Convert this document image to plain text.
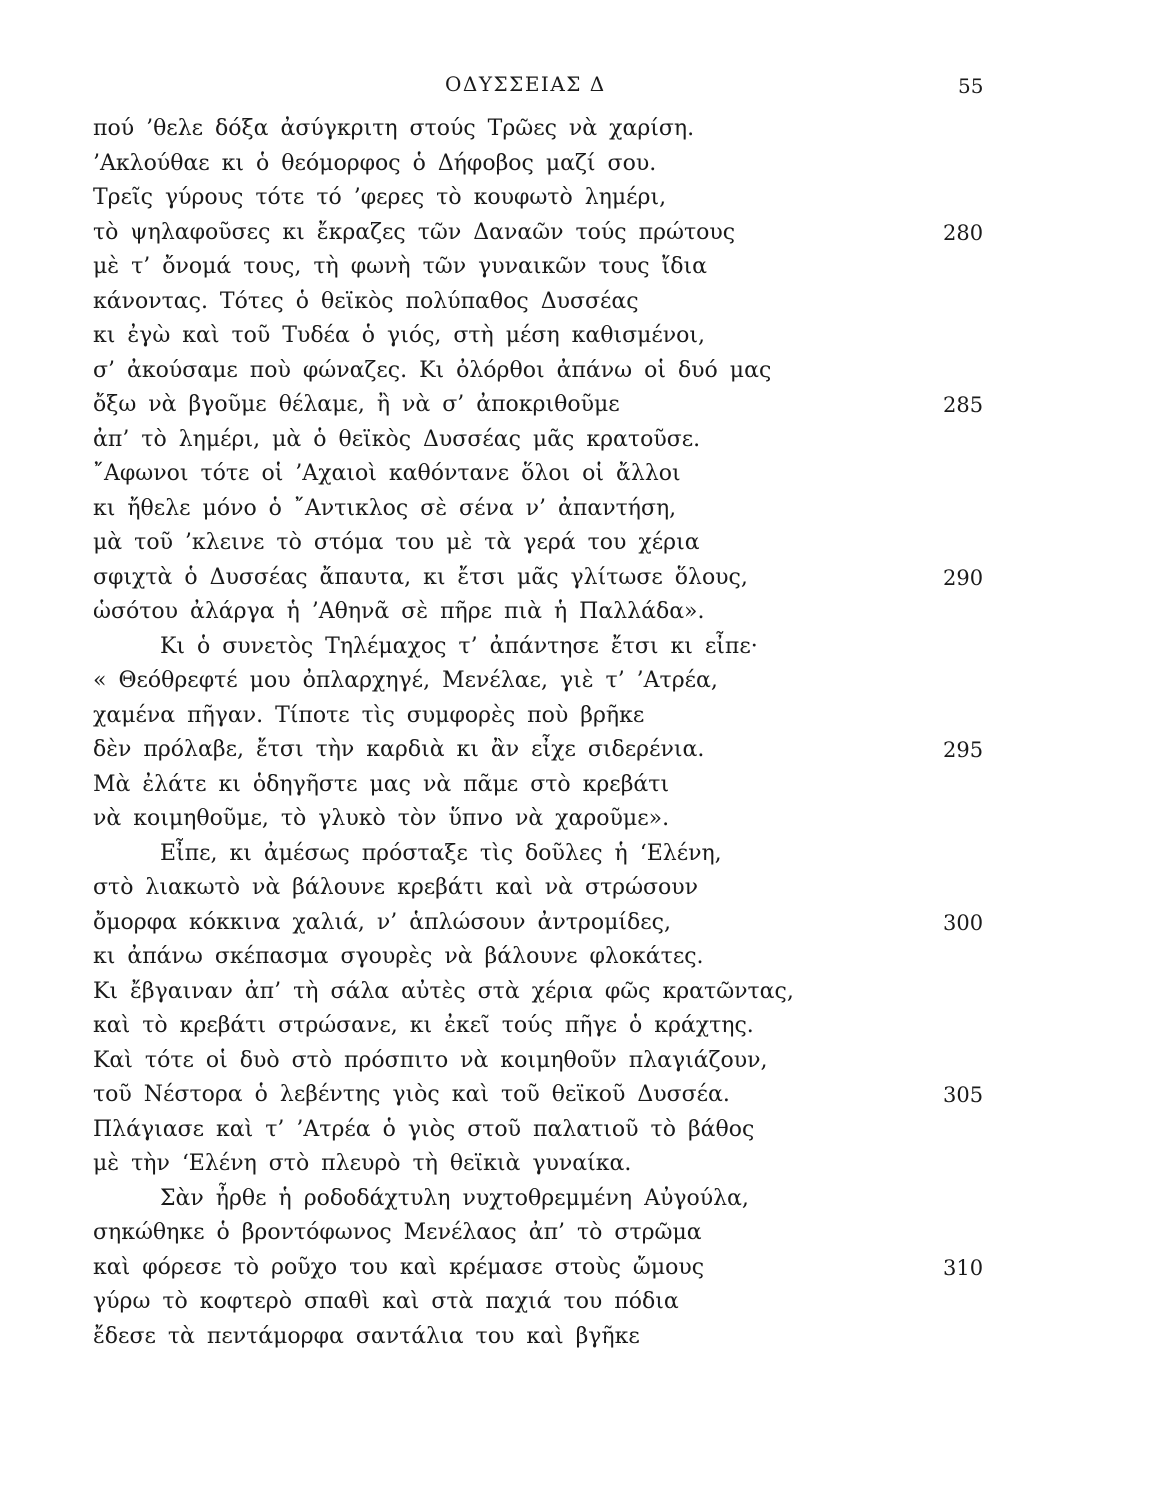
ΟΔΥΣΣΕΙΑΣ Δ	55
πού ’θελε δόξα ἀσύγκριτη στούς Τρῶες νὰ χαρίση.
’Ακλούθαε κι ὁ θεόμορφος ὁ Δήφοβος μαζί σου.
Τρεῖς γύρους τότε τό ’φερες τὸ κουφωτὸ λημέρι,
τὸ ψηλαφοῦσες κι ἔκραζες τῶν Δαναῶν τούς πρώτους	280
μὲ τ’ ὄνομά τους, τὴ φωνὴ τῶν γυναικῶν τους ἴδια
κάνοντας. Τότες ὁ θεϊκὸς πολύπαθος Δυσσέας
κι ἐγὼ καὶ τοῦ Τυδέα ὁ γιός, στὴ μέση καθισμένοι,
σ’ ἀκούσαμε ποὺ φώναζες. Κι ὀλόρθοι ἀπάνω οἱ δυό μας
ὄξω νὰ βγοῦμε θέλαμε, ἢ νὰ σ’ ἀποκριθοῦμε	285
ἀπ’ τὸ λημέρι, μὰ ὁ θεϊκὸς Δυσσέας μᾶς κρατοῦσε.
῎Αφωνοι τότε οἱ ’Αχαιοὶ καθόντανε ὅλοι οἱ ἄλλοι
κι ἤθελε μόνο ὁ ῎Αντικλος σὲ σένα ν’ ἀπαντήση,
μὰ τοῦ ’κλεινε τὸ στόμα του μὲ τὰ γερά του χέρια
σφιχτὰ ὁ Δυσσέας ἄπαυτα, κι ἔτσι μᾶς γλίτωσε ὅλους,	290
ὡσότου ἀλάργα ἡ ’Αθηνᾶ σὲ πῆρε πιὰ ἡ Παλλάδα».
Κι ὁ συνετὸς Τηλέμαχος τ’ ἀπάντησε ἔτσι κι εἶπε·
« Θεόθρεφτέ μου ὀπλαρχηγέ, Μενέλαε, γιὲ τ’ ’Ατρέα,
χαμένα πῆγαν. Τίποτε τὶς συμφορὲς ποὺ βρῆκε
δὲν πρόλαβε, ἔτσι τὴν καρδιὰ κι ἂν εἶχε σιδερένια.	295
Μὰ ἐλάτε κι ὁδηγῆστε μας νὰ πᾶμε στὸ κρεβάτι
νὰ κοιμηθοῦμε, τὸ γλυκὸ τὸν ὕπνο νὰ χαροῦμε».
Εἶπε, κι ἀμέσως πρόσταξε τὶς δοῦλες ἡ ‘Ελένη,
στὸ λιακωτὸ νὰ βάλουνε κρεβάτι καὶ νὰ στρώσουν
ὄμορφα κόκκινα χαλιά, ν’ ἁπλώσουν ἀντρομίδες,	300
κι ἀπάνω σκέπασμα σγουρὲς νὰ βάλουνε φλοκάτες.
Κι ἔβγαιναν ἀπ’ τὴ σάλα αὐτὲς στὰ χέρια φῶς κρατῶντας,
καὶ τὸ κρεβάτι στρώσανε, κι ἐκεῖ τούς πῆγε ὁ κράχτης.
Καὶ τότε οἱ δυὸ στὸ πρόσπιτο νὰ κοιμηθοῦν πλαγιάζουν,
τοῦ Νέστορα ὁ λεβέντης γιὸς καὶ τοῦ θεϊκοῦ Δυσσέα.	305
Πλάγιασε καὶ τ’ ’Ατρέα ὁ γιὸς στοῦ παλατιοῦ τὸ βάθος
μὲ τὴν ‘Ελένη στὸ πλευρὸ τὴ θεϊκιὰ γυναίκα.
Σὰν ἦρθε ἡ ροδοδάχτυλη νυχτοθρεμμένη Αὐγούλα,
σηκώθηκε ὁ βροντόφωνος Μενέλαος ἀπ’ τὸ στρῶμα
καὶ φόρεσε τὸ ροῦχο του καὶ κρέμασε στοὺς ὤμους	310
γύρω τὸ κοφτερὸ σπαθὶ καὶ στὰ παχιά του πόδια
ἔδεσε τὰ πεντάμορφα σαντάλια του καὶ βγῆκε
